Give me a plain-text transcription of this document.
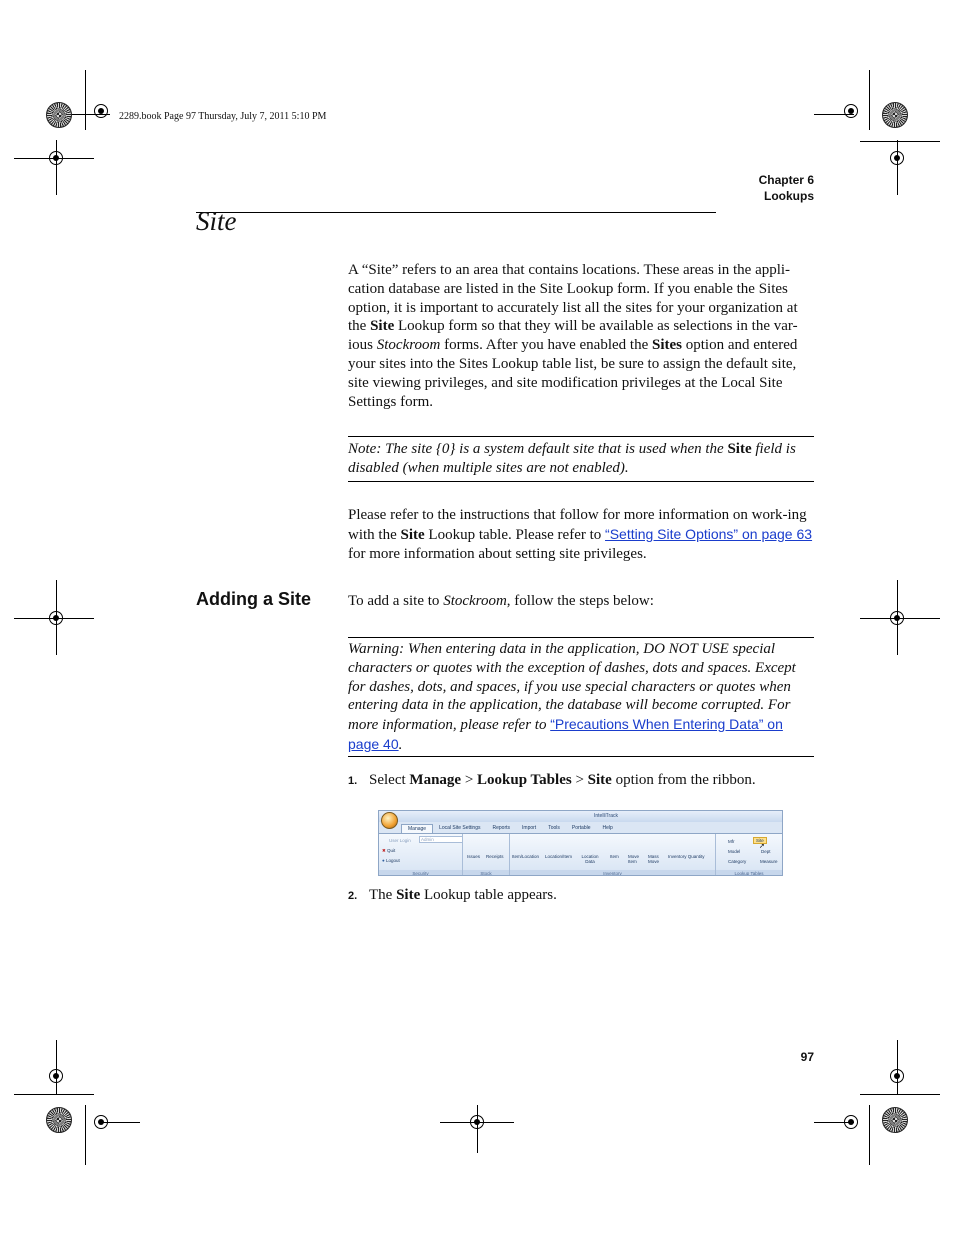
2289.book Page 97 Thursday, July 7, 2011 5:10 PM
Chapter 6
Lookups
Site

A “Site” refers to an area that contains locations. These areas in the appli-cation database are listed in the Site Lookup form. If you enable the Sites option, it is important to accurately list all the sites for your organization at the Site Lookup form so that they will be available as selections in the var-ious Stockroom forms. After you have enabled the Sites option and entered your sites into the Sites Lookup table list, be sure to assign the default site, site viewing privileges, and site modification privileges at the Local Site Settings form.

Note: The site {0} is a system default site that is used when the Site field is disabled (when multiple sites are not enabled).

Please refer to the instructions that follow for more information on work-ing with the Site Lookup table. Please refer to “Setting Site Options” on page 63 for more information about setting site privileges.

Adding a Site To add a site to Stockroom, follow the steps below:

Warning: When entering data in the application, DO NOT USE special characters or quotes with the exception of dashes, dots and spaces. Except for dashes, dots, and spaces, if you use special characters or quotes when entering data in the application, the database will become corrupted. For more information, please refer to “Precautions When Entering Data” on page 40.

1. Select Manage > Lookup Tables > Site option from the ribbon.

IntelliTrack
Manage	Local Site Settings	Reports	Import	Tools	Portable	Help
User Login	Admin
✖ Quit
● Logout
Security
Issues Receipts
Stock
Item/Location Location/Item	Location Data
Item Move Item
Mass Move
Inventory Quantity
Inventory
Mfr	Site
➚
Model	Dept
Category	Measure
Lookup Tables

2. The Site Lookup table appears.

97
